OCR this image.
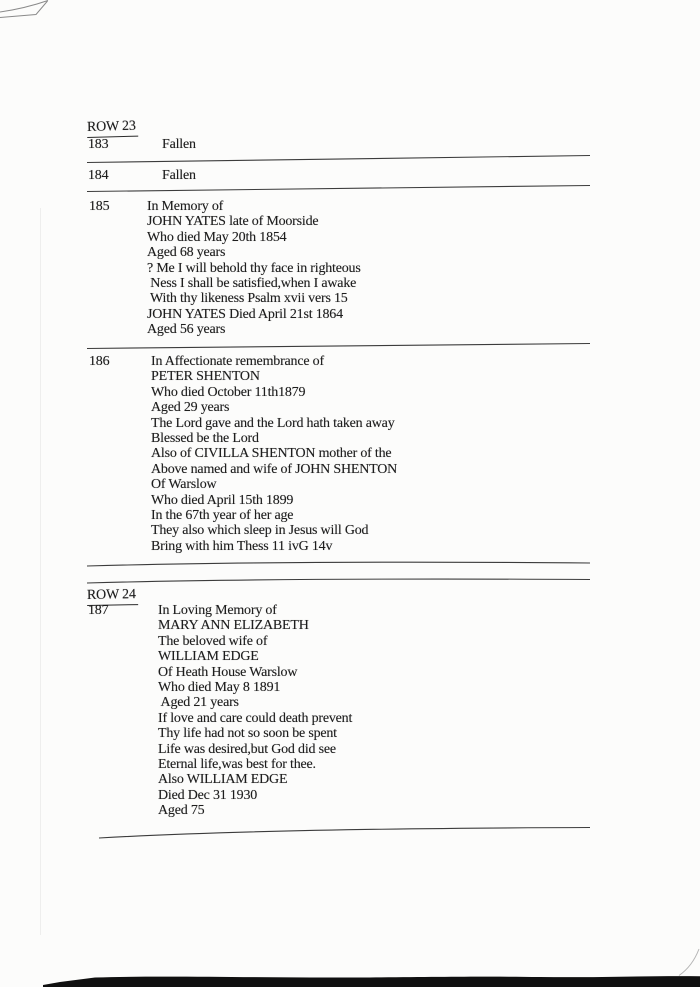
ROW 23
183	Fallen
184	Fallen
185	In Memory of
JOHN YATES late of Moorside
Who died May 20th 1854
Aged 68 years
? Me I will behold thy face in righteous
Ness I shall be satisfied,when I awake
With thy likeness Psalm xvii vers 15
JOHN YATES Died April 21st 1864
Aged 56 years
186	In Affectionate remembrance of
PETER SHENTON
Who died October 11th1879
Aged 29 years
The Lord gave and the Lord hath taken away
Blessed be the Lord
Also of CIVILLA SHENTON mother of the
Above named and wife of JOHN SHENTON
Of Warslow
Who died April 15th 1899
In the 67th year of her age
They also which sleep in Jesus will God
Bring with him Thess 11 ivG 14v
ROW 24
187	In Loving Memory of
MARY ANN ELIZABETH
The beloved wife of
WILLIAM EDGE
Of Heath House Warslow
Who died May 8 1891
Aged 21 years
If love and care could death prevent
Thy life had not so soon be spent
Life was desired,but God did see
Eternal life,was best for thee.
Also WILLIAM EDGE
Died Dec 31 1930
Aged 75
